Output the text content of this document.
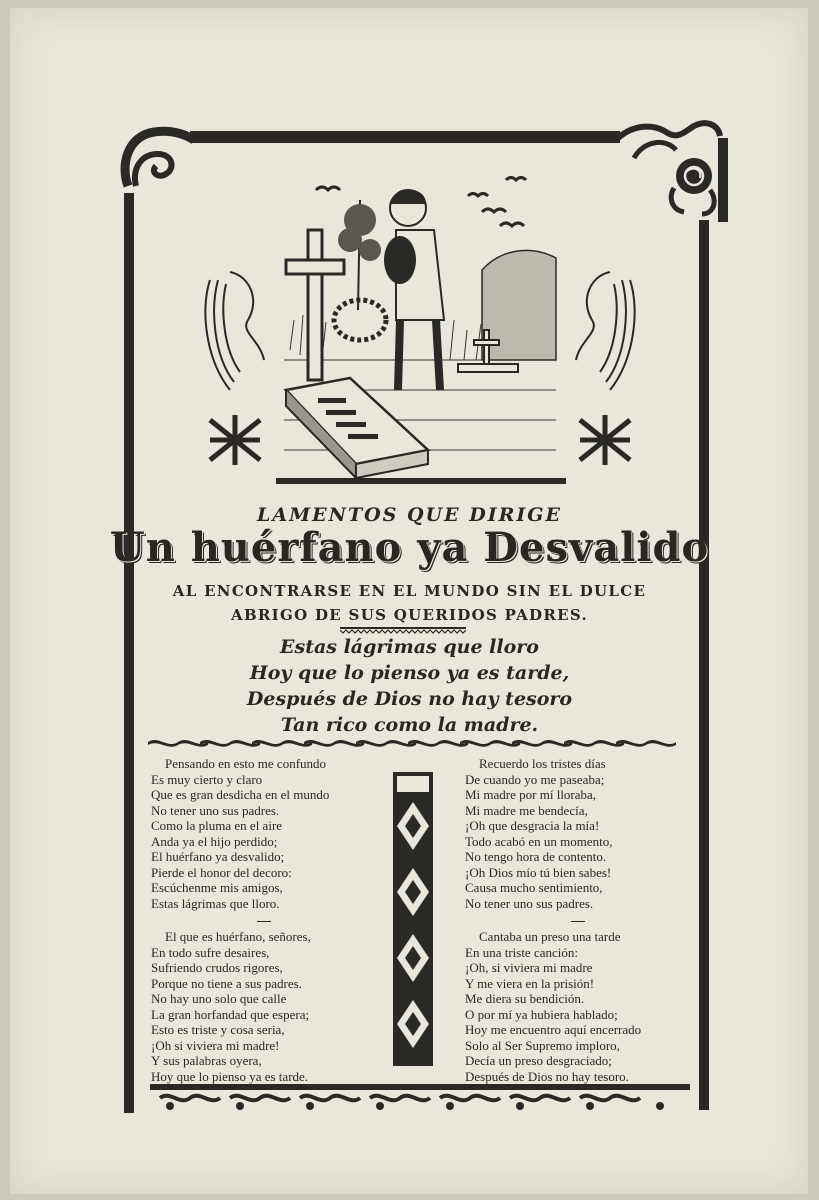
LAMENTOS QUE DIRIGE
Un huérfano ya Desvalido
AL ENCONTRARSE EN EL MUNDO SIN EL DULCE
ABRIGO DE SUS QUERIDOS PADRES.
Estas lágrimas que lloro
Hoy que lo pienso ya es tarde,
Después de Dios no hay tesoro
Tan rico como la madre.
Pensando en esto me confundo
Es muy cierto y claro
Que es gran desdicha en el mundo
No tener uno sus padres.
Como la pluma en el aire
Anda ya el hijo perdido;
El huérfano ya desvalido;
Pierde el honor del decoro:
Escúchenme mis amigos,
Estas lágrimas que lloro.
El que es huérfano, señores,
En todo sufre desaires,
Sufriendo crudos rigores,
Porque no tiene a sus padres.
No hay uno solo que calle
La gran horfandad que espera;
Esto es triste y cosa seria,
¡Oh si viviera mi madre!
Y sus palabras oyera,
Hoy que lo pienso ya es tarde.
Recuerdo los tristes días
De cuando yo me paseaba;
Mi madre por mí lloraba,
Mi madre me bendecía,
¡Oh que desgracia la mía!
Todo acabó en un momento,
No tengo hora de contento.
¡Oh Dios mío tú bien sabes!
Causa mucho sentimiento,
No tener uno sus padres.
Cantaba un preso una tarde
En una triste canción:
¡Oh, si viviera mi madre
Y me viera en la prisión!
Me diera su bendición.
O por mí ya hubiera hablado;
Hoy me encuentro aquí encerrado
Solo al Ser Supremo imploro,
Decía un preso desgraciado;
Después de Dios no hay tesoro.
